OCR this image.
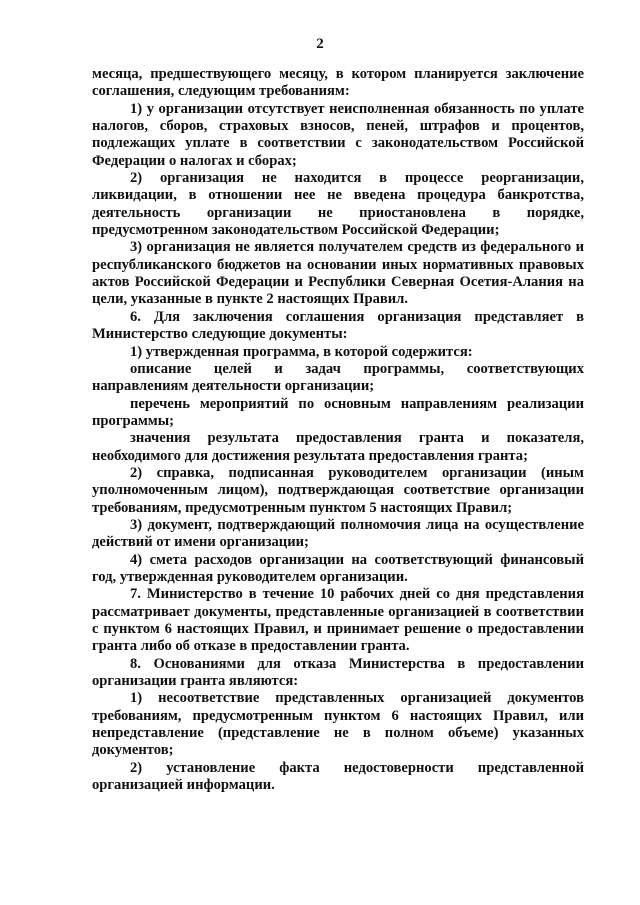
2

месяца, предшествующего месяцу, в котором планируется заключение соглашения, следующим требованиям:

1) у организации отсутствует неисполненная обязанность по уплате налогов, сборов, страховых взносов, пеней, штрафов и процентов, подлежащих уплате в соответствии с законодательством Российской Федерации о налогах и сборах;

2) организация не находится в процессе реорганизации, ликвидации, в отношении нее не введена процедура банкротства, деятельность организации не приостановлена в порядке, предусмотренном законодательством Российской Федерации;

3) организация не является получателем средств из федерального и республиканского бюджетов на основании иных нормативных правовых актов Российской Федерации и Республики Северная Осетия-Алания на цели, указанные в пункте 2 настоящих Правил.

6. Для заключения соглашения организация представляет в Министерство следующие документы:

1) утвержденная программа, в которой содержится:

описание целей и задач программы, соответствующих направлениям деятельности организации;

перечень мероприятий по основным направлениям реализации программы;

значения результата предоставления гранта и показателя, необходимого для достижения результата предоставления гранта;

2) справка, подписанная руководителем организации (иным уполномоченным лицом), подтверждающая соответствие организации требованиям, предусмотренным пунктом 5 настоящих Правил;

3) документ, подтверждающий полномочия лица на осуществление действий от имени организации;

4) смета расходов организации на соответствующий финансовый год, утвержденная руководителем организации.

7. Министерство в течение 10 рабочих дней со дня представления рассматривает документы, представленные организацией в соответствии с пунктом 6 настоящих Правил, и принимает решение о предоставлении гранта либо об отказе в предоставлении гранта.

8. Основаниями для отказа Министерства в предоставлении организации гранта являются:

1) несоответствие представленных организацией документов требованиям, предусмотренным пунктом 6 настоящих Правил, или непредставление (представление не в полном объеме) указанных документов;

2) установление факта недостоверности представленной организацией информации.
